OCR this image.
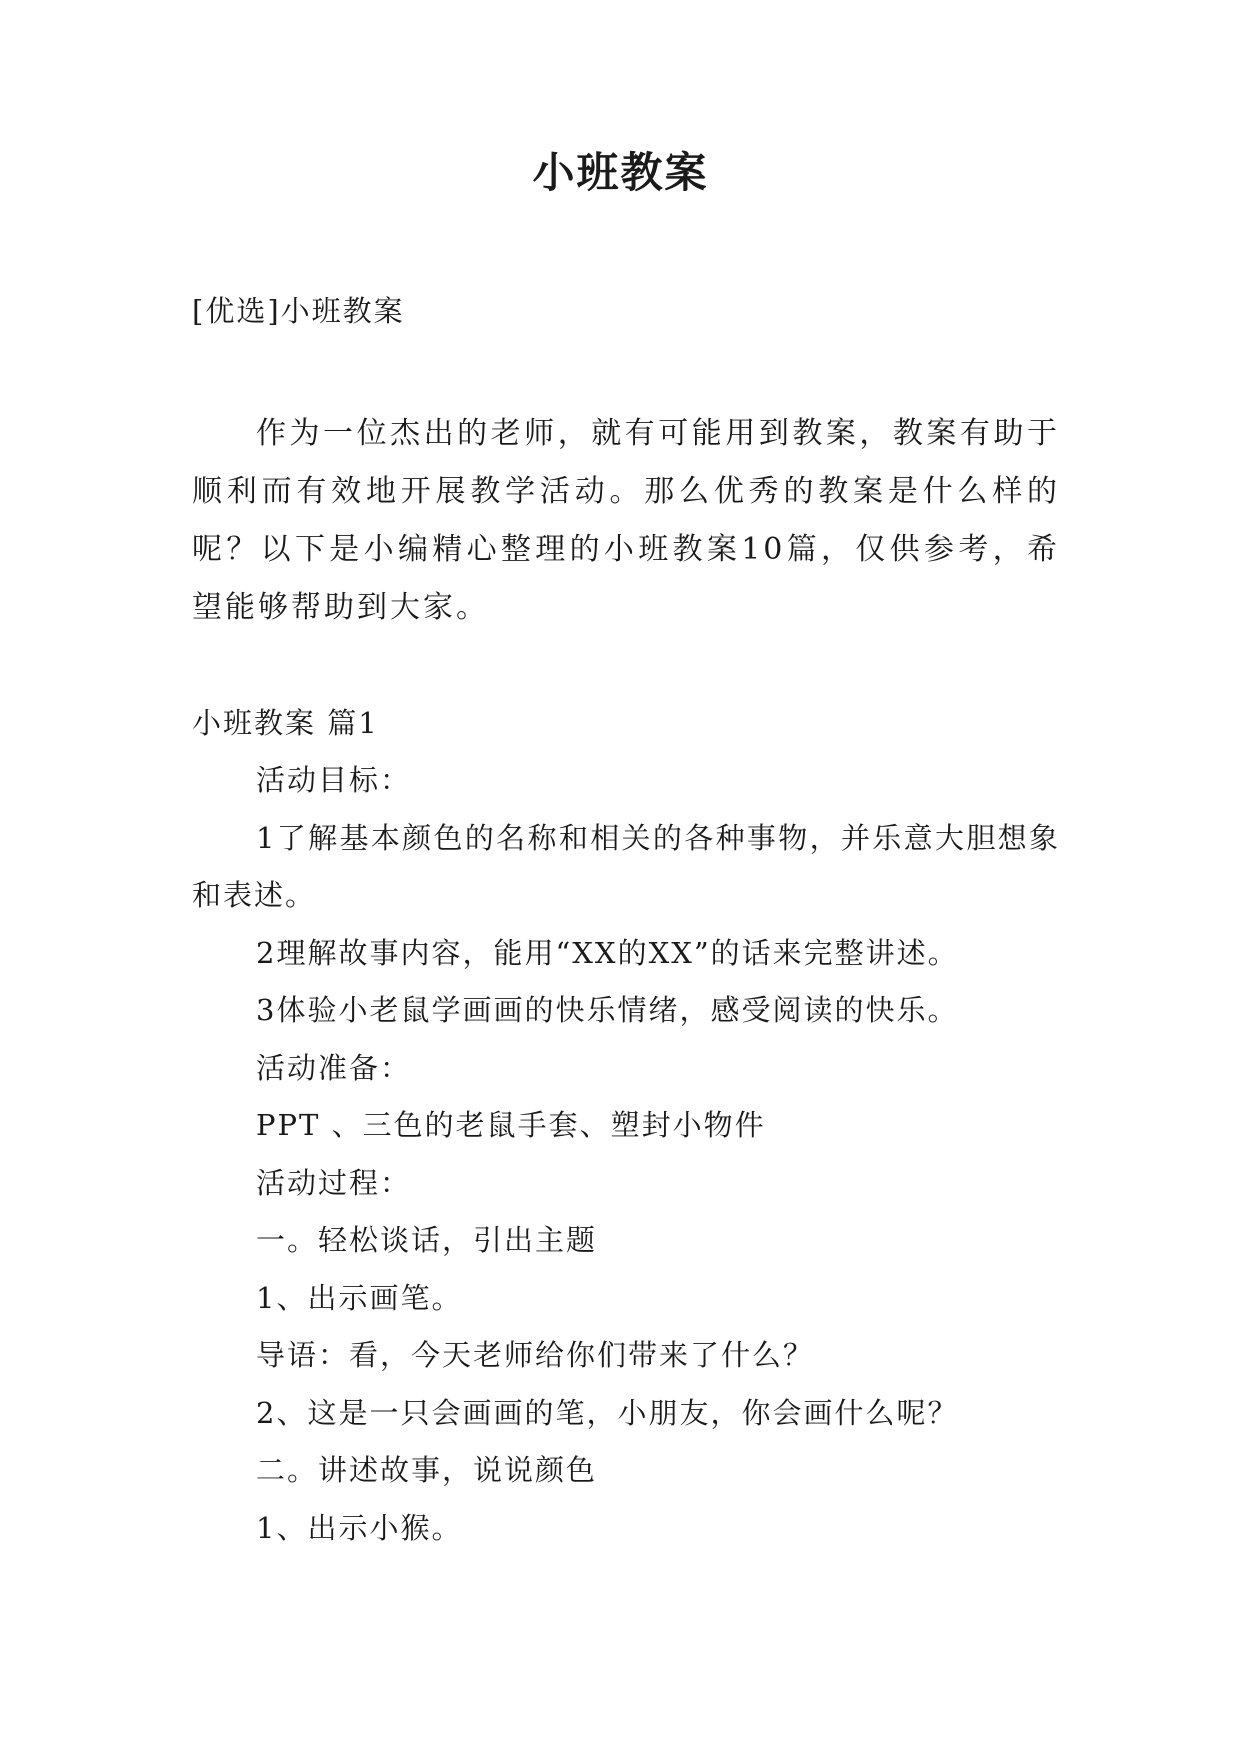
小班教案
[优选]小班教案

作为一位杰出的老师，就有可能用到教案，教案有助于顺利而有效地开展教学活动。那么优秀的教案是什么样的呢？以下是小编精心整理的小班教案10篇，仅供参考，希望能够帮助到大家。

小班教案 篇1
活动目标：
1了解基本颜色的名称和相关的各种事物，并乐意大胆想象和表述。
2理解故事内容，能用“XX的XX”的话来完整讲述。
3体验小老鼠学画画的快乐情绪，感受阅读的快乐。
活动准备：
PPT 、三色的老鼠手套、塑封小物件
活动过程：
一。轻松谈话，引出主题
1、出示画笔。
导语：看，今天老师给你们带来了什么？
2、这是一只会画画的笔，小朋友，你会画什么呢？
二。讲述故事，说说颜色
1、出示小猴。
